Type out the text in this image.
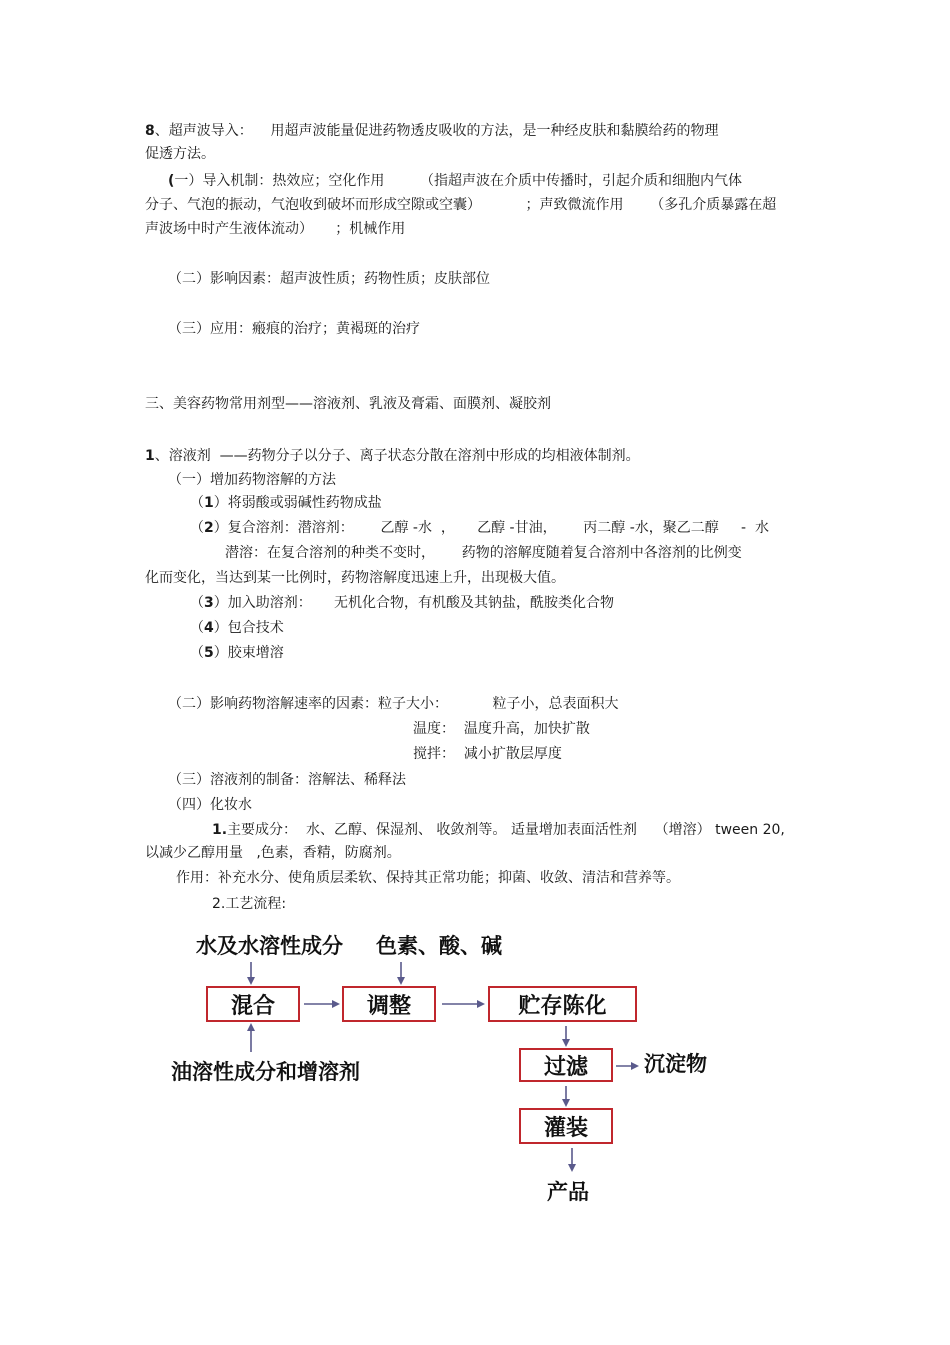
8、超声波导入：    用超声波能量促进药物透皮吸收的方法，是一种经皮肤和黏膜给药的物理
促透方法。
(一）导入机制：热效应；空化作用        （指超声波在介质中传播时，引起介质和细胞内气体
分子、气泡的振动，气泡收到破坏而形成空隙或空囊）          ；声致微流作用      （多孔介质暴露在超
声波场中时产生液体流动）     ；机械作用
（二）影响因素：超声波性质；药物性质；皮肤部位
（三）应用：瘢痕的治疗；黄褐斑的治疗
三、美容药物常用剂型——溶液剂、乳液及膏霜、面膜剂、凝胶剂
1、溶液剂  ——药物分子以分子、离子状态分散在溶剂中形成的均相液体制剂。
（一）增加药物溶解的方法
（1）将弱酸或弱碱性药物成盐
（2）复合溶剂：潜溶剂：      乙醇 -水  ，     乙醇 -甘油，      丙二醇 -水，聚乙二醇     -  水
潜溶：在复合溶剂的种类不变时，      药物的溶解度随着复合溶剂中各溶剂的比例变
化而变化，当达到某一比例时，药物溶解度迅速上升，出现极大值。
（3）加入助溶剂：     无机化合物，有机酸及其钠盐，酰胺类化合物
（4）包合技术
（5）胶束增溶
（二）影响药物溶解速率的因素：粒子大小：          粒子小，总表面积大
温度：  温度升高，加快扩散
搅拌：  减小扩散层厚度
（三）溶液剂的制备：溶解法、稀释法
（四）化妆水
1.主要成分：  水、乙醇、保湿剂、 收敛剂等。 适量增加表面活性剂    （增溶） tween 20,
以减少乙醇用量   ,色素，香精，防腐剂。
作用：补充水分、使角质层柔软、保持其正常功能；抑菌、收敛、清洁和营养等。
2.工艺流程:
水及水溶性成分 色素、酸、碱
混合	调整	贮存陈化
油溶性成分和增溶剂	过滤	沉淀物
灌装
产品
